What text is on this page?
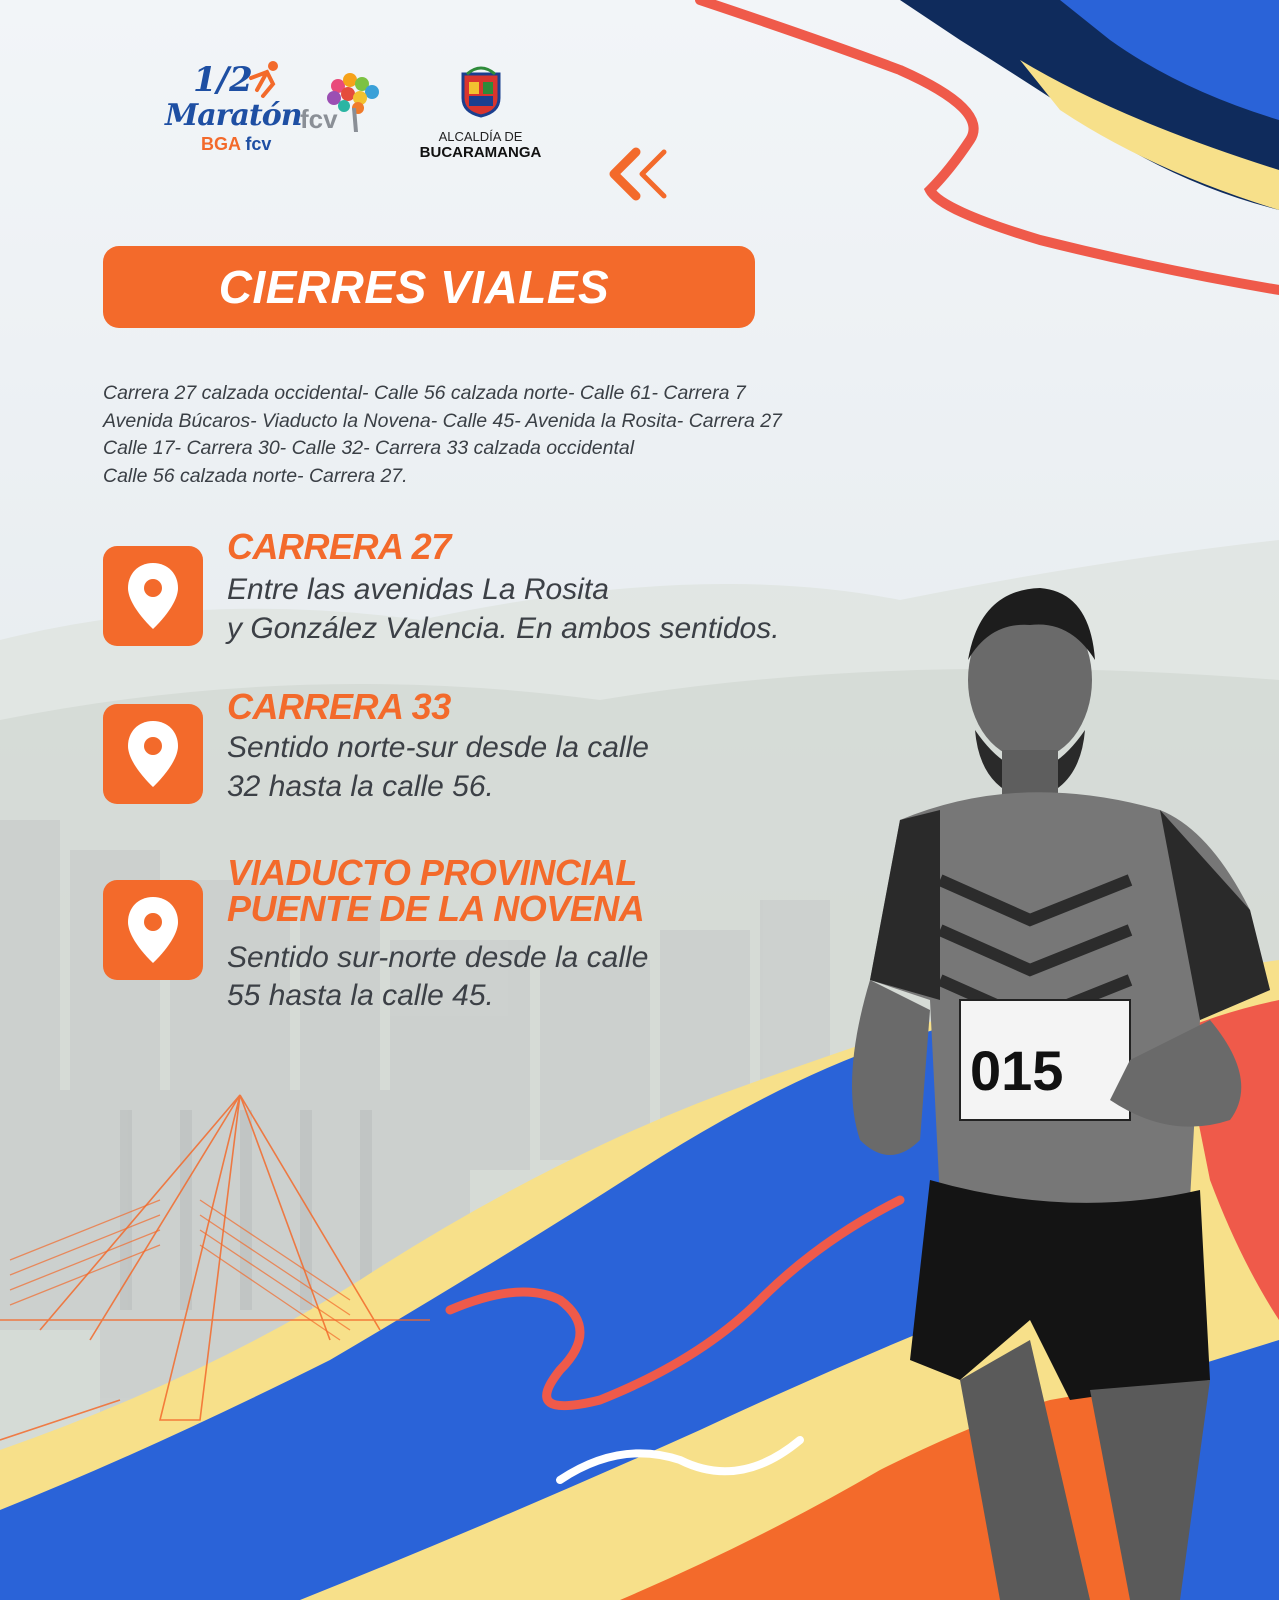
015
1/2
Maratón
BGA fcv
fcv
ALCALDÍA DE
BUCARAMANGA
CIERRES VIALES

Carrera 27 calzada occidental- Calle 56 calzada norte- Calle 61- Carrera 7

Avenida Búcaros- Viaducto la Novena- Calle 45- Avenida la Rosita- Carrera 27

Calle 17- Carrera 30- Calle 32- Carrera 33 calzada occidental

Calle 56 calzada norte- Carrera 27.

CARRERA 27
Entre las avenidas La Rosita
y González Valencia. En ambos sentidos.
CARRERA 33
Sentido norte-sur desde la calle
32 hasta la calle 56.
VIADUCTO PROVINCIAL
PUENTE DE LA NOVENA
Sentido sur-norte desde la calle
55 hasta la calle 45.
